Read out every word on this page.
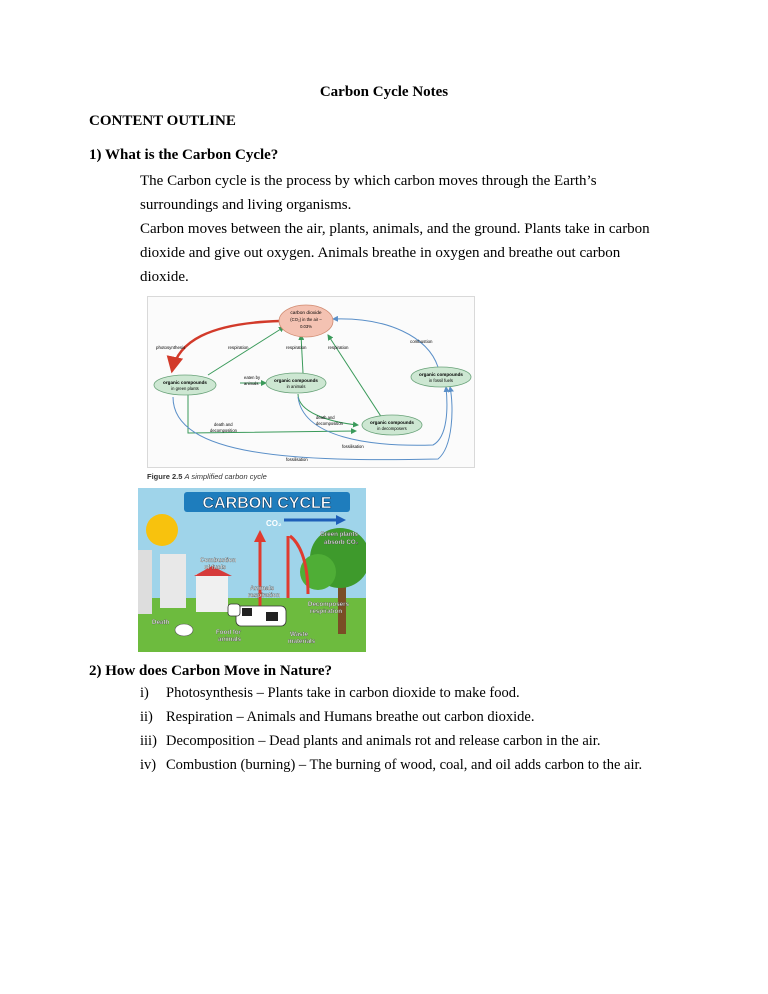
Carbon Cycle Notes
CONTENT OUTLINE
1) What is the Carbon Cycle?
The Carbon cycle is the process by which carbon moves through the Earth’s
surroundings and living organisms.
Carbon moves between the air, plants, animals, and the ground. Plants take in carbon
dioxide and give out oxygen. Animals breathe in oxygen and breathe out carbon
dioxide.
carbon dioxide
(CO₂) in the air –
0.03%
organic compounds
in green plants
organic compounds
in animals
organic compounds
in decomposers
organic compounds
in fossil fuels
photosynthesis	respiration	respiration	respiration
combustion
eaten by
animals
death and
decomposition
death and
decomposition
fossilisation
fossilisation
Figure 2.5 A simplified carbon cycle
CARBON CYCLE
CO₂
Green plants
absorb CO₂
Combustion
of fuels
Animals
respiration
Decomposers
respiration
Death
Food for
animals
Waste
materials
2) How does Carbon Move in Nature?
i)	Photosynthesis – Plants take in carbon dioxide to make food.
ii) Respiration – Animals and Humans breathe out carbon dioxide.
iii) Decomposition – Dead plants and animals rot and release carbon in the air.
iv) Combustion (burning) – The burning of wood, coal, and oil adds carbon to the air.
